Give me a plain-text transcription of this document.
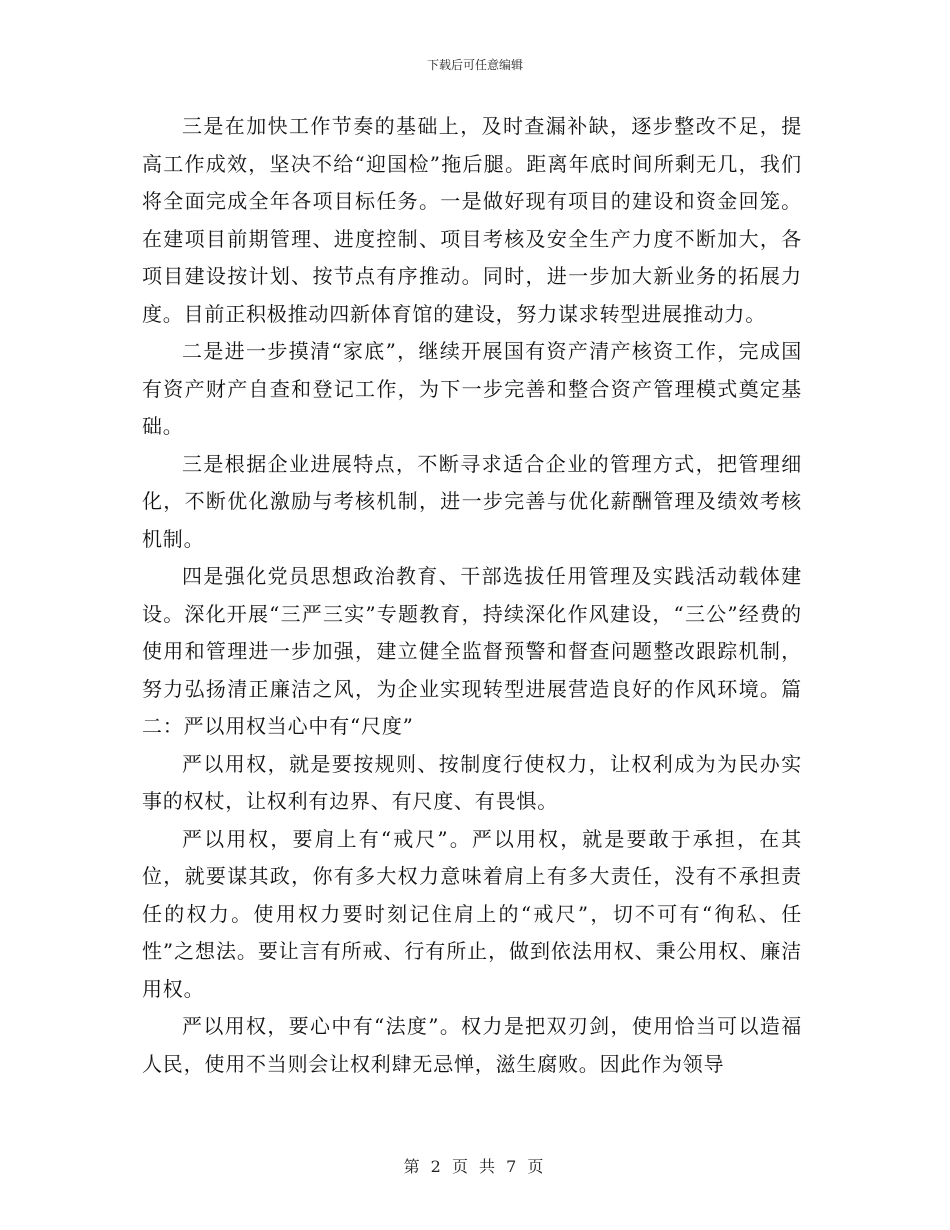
下载后可任意编辑

三是在加快工作节奏的基础上，及时查漏补缺，逐步整改不足，提高工作成效，坚决不给“迎国检”拖后腿。距离年底时间所剩无几，我们将全面完成全年各项目标任务。一是做好现有项目的建设和资金回笼。在建项目前期管理、进度控制、项目考核及安全生产力度不断加大，各项目建设按计划、按节点有序推动。同时，进一步加大新业务的拓展力度。目前正积极推动四新体育馆的建设，努力谋求转型进展推动力。

二是进一步摸清“家底”，继续开展国有资产清产核资工作，完成国有资产财产自查和登记工作，为下一步完善和整合资产管理模式奠定基础。

三是根据企业进展特点，不断寻求适合企业的管理方式，把管理细化，不断优化激励与考核机制，进一步完善与优化薪酬管理及绩效考核机制。

四是强化党员思想政治教育、干部选拔任用管理及实践活动载体建设。深化开展“三严三实”专题教育，持续深化作风建设，“三公”经费的使用和管理进一步加强，建立健全监督预警和督查问题整改跟踪机制，努力弘扬清正廉洁之风，为企业实现转型进展营造良好的作风环境。篇二：严以用权当心中有“尺度”

严以用权，就是要按规则、按制度行使权力，让权利成为为民办实事的权杖，让权利有边界、有尺度、有畏惧。

严以用权，要肩上有“戒尺”。严以用权，就是要敢于承担，在其位，就要谋其政，你有多大权力意味着肩上有多大责任，没有不承担责任的权力。使用权力要时刻记住肩上的“戒尺”，切不可有“徇私、任性”之想法。要让言有所戒、行有所止，做到依法用权、秉公用权、廉洁用权。

严以用权，要心中有“法度”。权力是把双刃剑，使用恰当可以造福人民，使用不当则会让权利肆无忌惮，滋生腐败。因此作为领导

第 2 页 共 7 页
